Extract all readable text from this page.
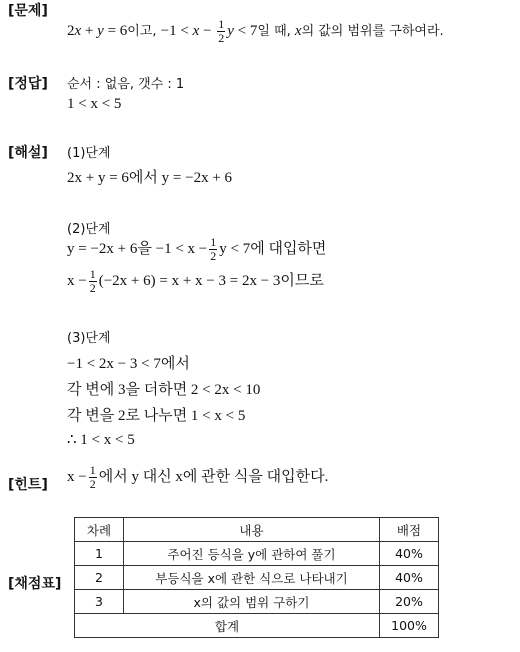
[문제]
[정답]
[해설]
[힌트]
[채점표]
2x + y = 6이고, $-1 < x - \frac{1}{2}$ y < 7일 때, x의 값의 범위를 구하여라.
순서 : 없음, 갯수 : 1
1 < x < 5
(1)단계
2x + y = 6에서 y = −2x + 6
(2)단계
y = −2x + 6을 $-1 < x - \frac{1}{2}$ y < 7에 대입하면
$x - \frac{1}{2} (-2x + 6) = x + x - 3 = 2x - 3$이므로
(3)단계
−1 < 2x − 3 < 7에서
각 변에 3을 더하면 2 < 2x < 10
각 변을 2로 나누면 1 < x < 5
∴ 1 < x < 5
$x - \frac{1}{2}$ 에서 y 대신 x에 관한 식을 대입한다.
차례	내용	배점
1	주어진 등식을 y에 관하여 풀기	40%
2	부등식을 x에 관한 식으로 나타내기	40%
3	x의 값의 범위 구하기	20%
합계		100%
